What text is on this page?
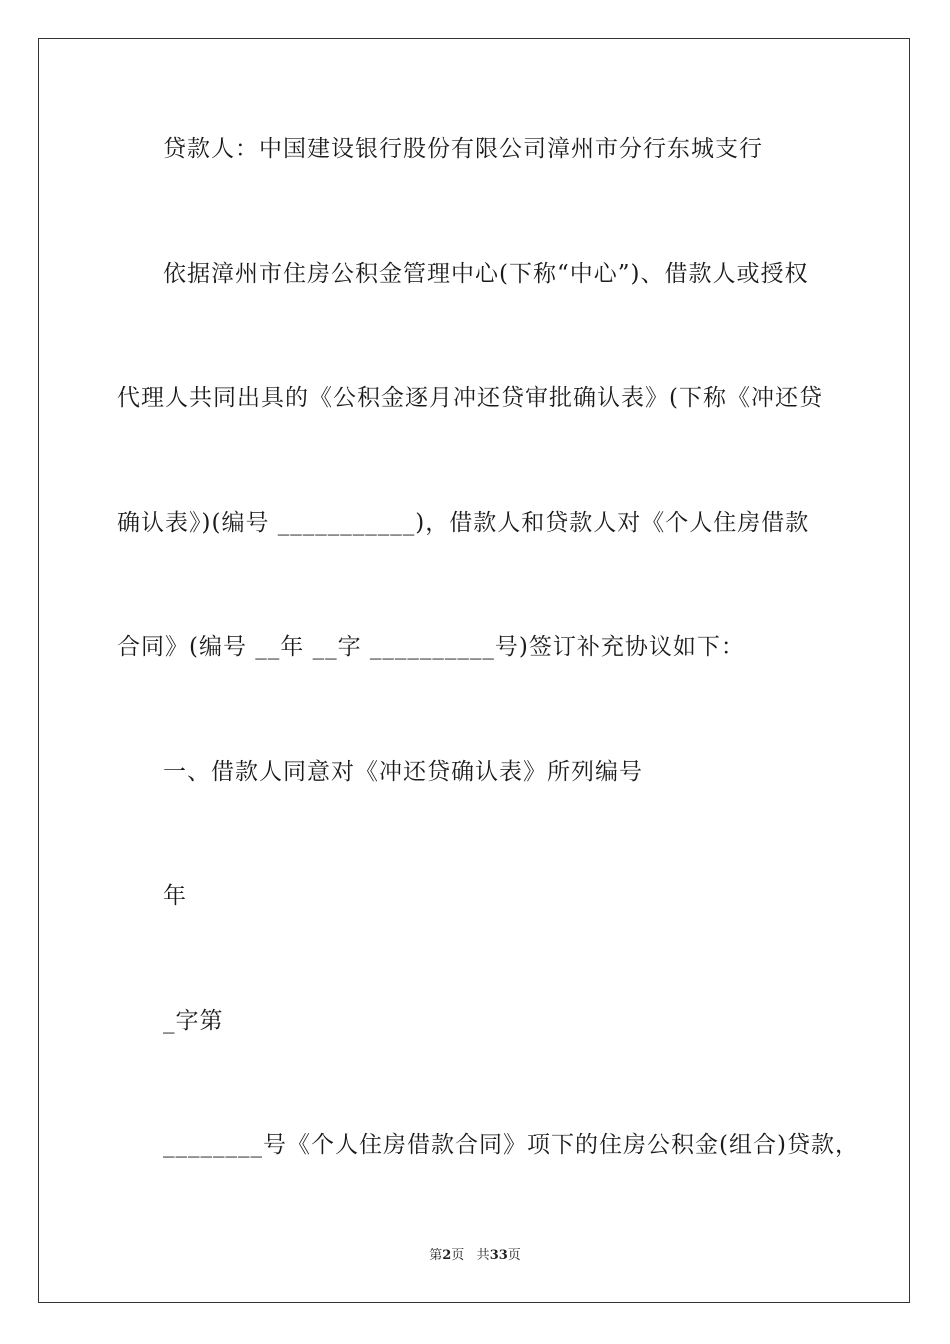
贷款人：中国建设银行股份有限公司漳州市分行东城支行
依据漳州市住房公积金管理中心(下称“中心”)、借款人或授权
代理人共同出具的《公积金逐月冲还贷审批确认表》(下称《冲还贷
确认表》)(编号 ___________)，借款人和贷款人对《个人住房借款
合同》(编号 __年 __字 __________号)签订补充协议如下：
一、借款人同意对《冲还贷确认表》所列编号
年
_字第
________号《个人住房借款合同》项下的住房公积金(组合)贷款，
第2页 共33页
